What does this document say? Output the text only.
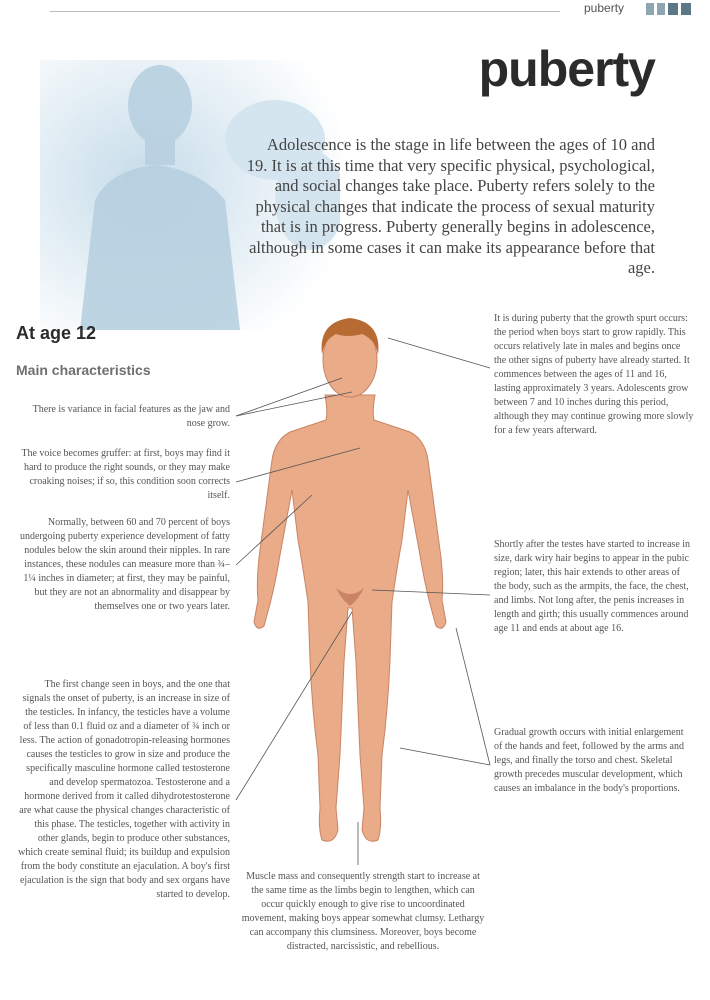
puberty
puberty

Adolescence is the stage in life between the ages of 10 and 19. It is at this time that very specific physical, psychological, and social changes take place. Puberty refers solely to the physical changes that indicate the process of sexual maturity that is in progress. Puberty generally begins in adolescence, although in some cases it can make its appearance before that age.

At age 12
Main characteristics

There is variance in facial features as the jaw and nose grow.

The voice becomes gruffer: at first, boys may find it hard to produce the right sounds, or they may make croaking noises; if so, this condition soon corrects itself.

Normally, between 60 and 70 percent of boys undergoing puberty experience development of fatty nodules below the skin around their nipples. In rare instances, these nodules can measure more than ¾–1¼ inches in diameter; at first, they may be painful, but they are not an abnormality and disappear by themselves one or two years later.

The first change seen in boys, and the one that signals the onset of puberty, is an increase in size of the testicles. In infancy, the testicles have a volume of less than 0.1 fluid oz and a diameter of ¾ inch or less. The action of gonadotropin-releasing hormones causes the testicles to grow in size and produce the specifically masculine hormone called testosterone and develop spermatozoa. Testosterone and a hormone derived from it called dihydrotestosterone are what cause the physical changes characteristic of this phase. The testicles, together with activity in other glands, begin to produce other substances, which create seminal fluid; its buildup and expulsion from the body constitute an ejaculation. A boy's first ejaculation is the sign that body and sex organs have started to develop.

It is during puberty that the growth spurt occurs: the period when boys start to grow rapidly. This occurs relatively late in males and begins once the other signs of puberty have already started. It commences between the ages of 11 and 16, lasting approximately 3 years. Adolescents grow between 7 and 10 inches during this period, although they may continue growing more slowly for a few years afterward.

Shortly after the testes have started to increase in size, dark wiry hair begins to appear in the pubic region; later, this hair extends to other areas of the body, such as the armpits, the face, the chest, and limbs. Not long after, the penis increases in length and girth; this usually commences around age 11 and ends at about age 16.

Gradual growth occurs with initial enlargement of the hands and feet, followed by the arms and legs, and finally the torso and chest. Skeletal growth precedes muscular development, which causes an imbalance in the body's proportions.

Muscle mass and consequently strength start to increase at the same time as the limbs begin to lengthen, which can occur quickly enough to give rise to uncoordinated movement, making boys appear somewhat clumsy. Lethargy can accompany this clumsiness. Moreover, boys become distracted, narcissistic, and rebellious.
